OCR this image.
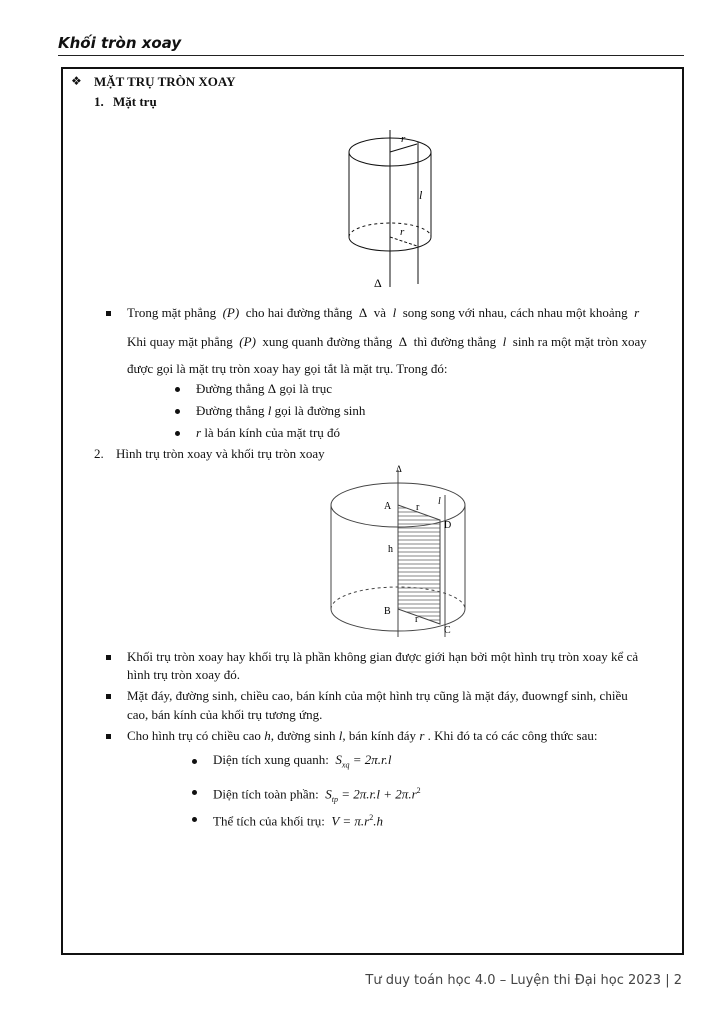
Khối tròn xoay
❖ MẶT TRỤ TRÒN XOAY
1. Mặt trụ
r
l
r
Δ
Trong mặt phẳng (P) cho hai đường thẳng Δ và l song song với nhau, cách nhau một khoảng r
Khi quay mặt phẳng (P) xung quanh đường thẳng Δ thì đường thẳng l sinh ra một mặt tròn xoay
được gọi là mặt trụ tròn xoay hay gọi tắt là mặt trụ. Trong đó:
Đường thẳng Δ gọi là trục
Đường thẳng l gọi là đường sinh
r là bán kính của mặt trụ đó
2. Hình trụ tròn xoay và khối trụ tròn xoay
Δ
A
D
B
C
h
r
r
l
Khối trụ tròn xoay hay khối trụ là phần không gian được giới hạn bởi một hình trụ tròn xoay kể cả
hình trụ tròn xoay đó.
Mặt đáy, đường sinh, chiều cao, bán kính của một hình trụ cũng là mặt đáy, đuowngf sinh, chiều
cao, bán kính của khối trụ tương ứng.
Cho hình trụ có chiều cao h, đường sinh l, bán kính đáy r . Khi đó ta có các công thức sau:
Diện tích xung quanh: $S_{xq} = 2\pi.r.l$
Diện tích toàn phần: $S_{tp} = 2\pi.r.l + 2\pi.r^2$
Thể tích của khối trụ: $V = \pi.r^2.h$
Tư duy toán học 4.0 – Luyện thi Đại học 2023 | 2
